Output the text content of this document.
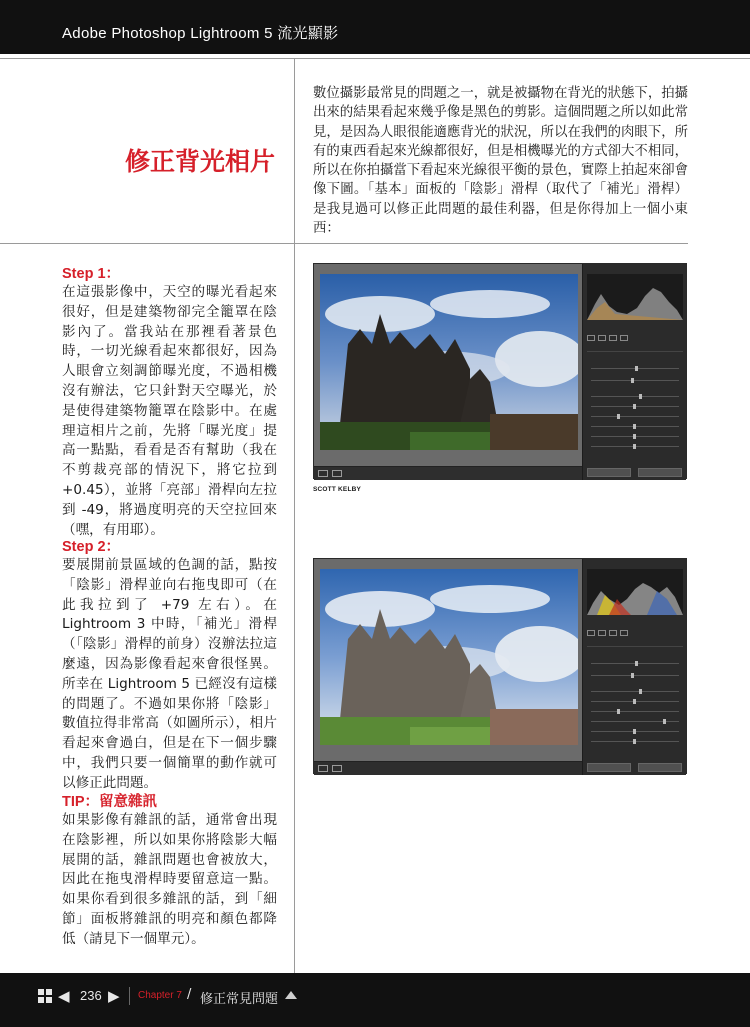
Adobe Photoshop Lightroom 5 流光顯影
修正背光相片
數位攝影最常見的問題之一，就是被攝物在背光的狀態下，拍攝出來的結果看起來幾乎像是黑色的剪影。這個問題之所以如此常見，是因為人眼很能適應背光的狀況，所以在我們的肉眼下，所有的東西看起來光線都很好，但是相機曝光的方式卻大不相同，所以在你拍攝當下看起來光線很平衡的景色，實際上拍起來卻會像下圖。「基本」面板的「陰影」滑桿（取代了「補光」滑桿）是我見過可以修正此問題的最佳利器，但是你得加上一個小東西：
Step 1：
在這張影像中，天空的曝光看起來很好，但是建築物卻完全籠罩在陰影內了。當我站在那裡看著景色時，一切光線看起來都很好，因為人眼會立刻調節曝光度，不過相機沒有辦法，它只針對天空曝光，於是使得建築物籠罩在陰影中。在處理這相片之前，先將「曝光度」提高一點點，看看是否有幫助（我在不剪裁亮部的情況下，將它拉到 +0.45），並將「亮部」滑桿向左拉到 -49，將過度明亮的天空拉回來（嘿，有用耶）。
Step 2：
要展開前景區域的色調的話，點按「陰影」滑桿並向右拖曳即可（在此我拉到了 +79 左右）。在 Lightroom 3 中時，「補光」滑桿（「陰影」滑桿的前身）沒辦法拉這麼遠，因為影像看起來會很怪異。所幸在 Lightroom 5 已經沒有這樣的問題了。不過如果你將「陰影」數值拉得非常高（如圖所示），相片看起來會過白，但是在下一個步驟中，我們只要一個簡單的動作就可以修正此問題。
TIP：留意雜訊
如果影像有雜訊的話，通常會出現在陰影裡，所以如果你將陰影大幅展開的話，雜訊問題也會被放大，因此在拖曳滑桿時要留意這一點。如果你看到很多雜訊的話，到「細節」面板將雜訊的明亮和顏色都降低（請見下一個單元）。
SCOTT KELBY
◀ 236 ▶ Chapter 7 / 修正常見問題
